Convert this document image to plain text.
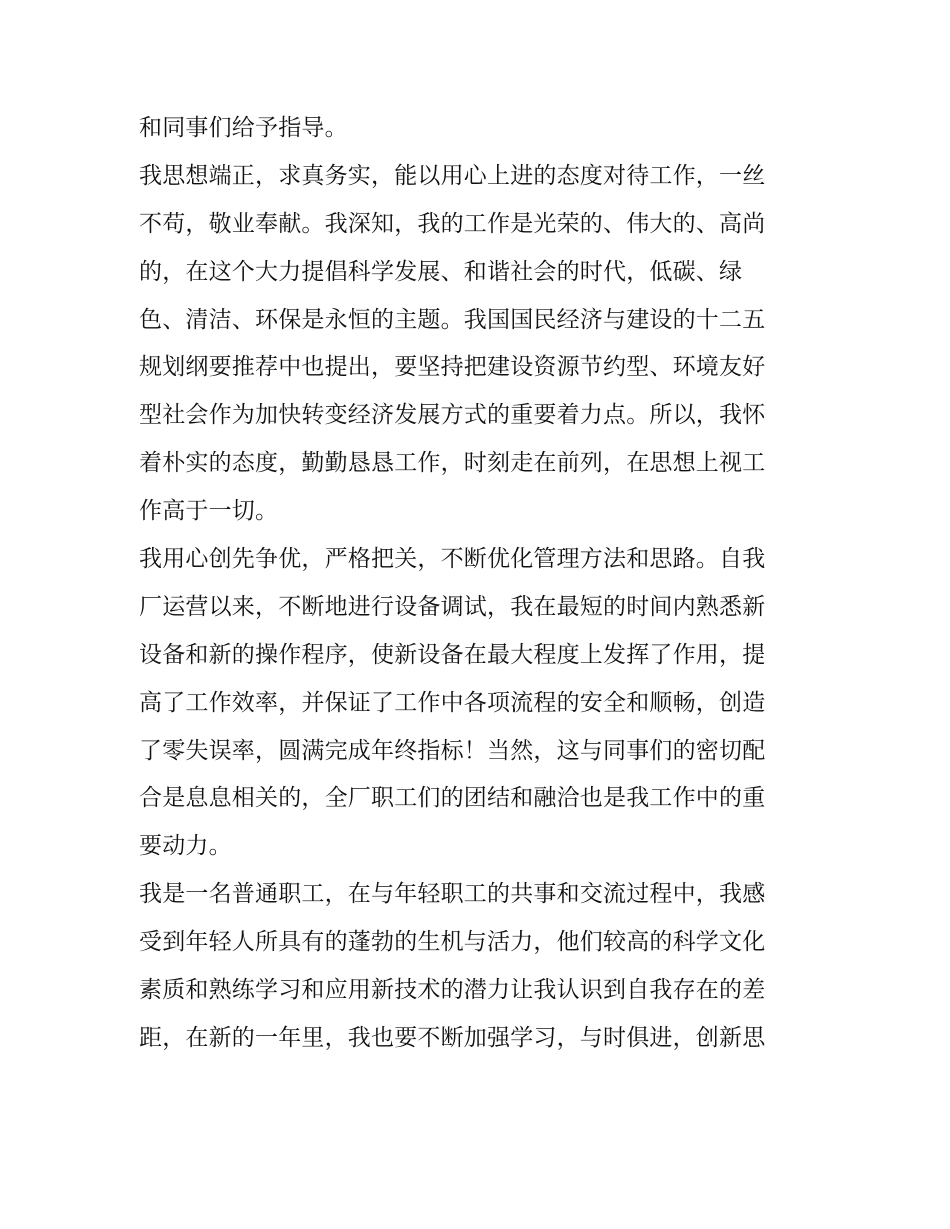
和同事们给予指导。
我思想端正，求真务实，能以用心上进的态度对待工作，一丝
不苟，敬业奉献。我深知，我的工作是光荣的、伟大的、高尚
的，在这个大力提倡科学发展、和谐社会的时代，低碳、绿
色、清洁、环保是永恒的主题。我国国民经济与建设的十二五
规划纲要推荐中也提出，要坚持把建设资源节约型、环境友好
型社会作为加快转变经济发展方式的重要着力点。所以，我怀
着朴实的态度，勤勤恳恳工作，时刻走在前列，在思想上视工
作高于一切。
我用心创先争优，严格把关，不断优化管理方法和思路。自我
厂运营以来，不断地进行设备调试，我在最短的时间内熟悉新
设备和新的操作程序，使新设备在最大程度上发挥了作用，提
高了工作效率，并保证了工作中各项流程的安全和顺畅，创造
了零失误率，圆满完成年终指标！当然，这与同事们的密切配
合是息息相关的，全厂职工们的团结和融洽也是我工作中的重
要动力。
我是一名普通职工，在与年轻职工的共事和交流过程中，我感
受到年轻人所具有的蓬勃的生机与活力，他们较高的科学文化
素质和熟练学习和应用新技术的潜力让我认识到自我存在的差
距，在新的一年里，我也要不断加强学习，与时俱进，创新思
